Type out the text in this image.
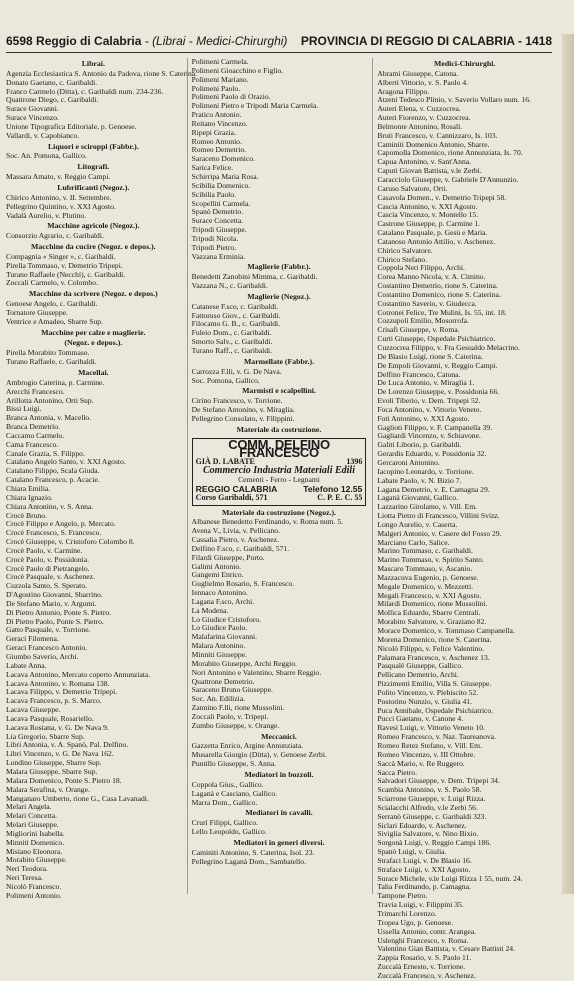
6598 Reggio di Calabria - (Librai - Medici-Chirurghi) PROVINCIA DI REGGIO DI CALABRIA - 1418
Librai.
Agenzia Ecclesiastica S. Antonio da Padova, rione S. Caterina.
Donato Gaetano, c. Garibaldi.
Franco Carmelo (Ditta), c. Garibaldi num. 234-236.
Quattrone Diego, c. Garibaldi.
Surace Giovanni.
Surace Vincenzo.
Unione Tipografica Editoriale, p. Genoese.
Vallardi, v. Capobianco.
Liquori e sciroppi (Fabbr.).
Soc. An. Pomona, Gallico.
Litografi.
Massara Amato, v. Reggio Campi.
Lubrificanti (Negoz.).
Chirico Antonino, v. II. Settembre.
Pellegrino Quintino, v. XXI Agosto.
Vadalà Aurelio, v. Plutino.
Macchine agricole (Negoz.).
Consorzio Agrario, c. Garibaldi.
Macchine da cucire (Negoz. e depos.).
Compagnia « Singer », c. Garibaldi.
Pirella Tommaso, v. Demetrio Tripepi.
Turano Raffaele (Necchi), c. Garibaldi.
Zoccali Carmelo, v. Colombo.
Macchine da scrivere (Negoz. e depos.)
Genoese Angelo, c. Garibaldi.
Tornatore Giuseppe.
Ventrice e Amadeo, Sbarre Sup.
Macchine per calze e maglierie.
(Negoz. e depos.).
Pirella Morabito Tommaso.
Turano Raffaele, c. Garibaldi.
Macellai.
Ambrogio Caterina, p. Carmine.
Arecchi Francesco.
Arillotta Antonino, Orti Sup.
Bissi Luigi.
Branca Antonia, v. Macello.
Branca Demetrio.
Caccamo Carmelo.
Cama Francesco.
Canale Grazia, S. Filippo.
Catalano Angelo Santo, v. XXI Agosto.
Catalano Filippo, Scala Giuda.
Catalano Francesco, p. Acacie.
Chiara Emilia.
Chiara Ignazio.
Chiara Antonino, v. S. Anna.
Crocè Bruno.
Crocè Filippo e Angelo, p. Mercato.
Crocè Francesco, S. Francesco.
Crocè Giuseppe, v. Cristoforo Colombo 8.
Crocè Paolo, v. Carmine.
Crocè Paolo, v. Possidonia.
Crocè Paolo di Pietrangelo.
Crocè Pasquale, v. Aschenez.
Cuzzola Santo, S. Sperato.
D'Agostino Giovanni, Sbarrino.
De Stefano Mario, v. Argumi.
Di Pietro Antonio, Ponte S. Pietro.
Di Pietro Paolo, Ponte S. Pietro.
Gatto Pasquale, v. Torrione.
Geraci Filomena.
Geraci Francesco Antonio.
Giumbo Saverio, Archi.
Labate Anna.
Lacava Antonino, Mercato coperto Annunziata.
Lacava Antonino, v. Romana 138.
Lacava Filippo, v. Demetrio Tripepi.
Lacava Francesco, p. S. Marco.
Lacava Giuseppe.
Lacava Pasquale, Rosariello.
Lacava Rosiana, v. G. De Nava 9.
Lia Gregorio, Sbarre Sup.
Libri Antonia, v. A. Spanò, Pal. Delfino.
Libri Vincenzo, v. G. De Nava 162.
Londino Giuseppe, Sbarre Sup.
Malara Giuseppe, Sbarre Sup.
Malara Domenico, Ponte S. Pietro 18.
Malara Serafina, v. Orange.
Manganaro Umberto, rione G., Casa Lavanadi.
Melari Angela.
Melari Concetta.
Melari Giuseppe.
Migliorini Isabella.
Minniti Domenico.
Misiano Eleonora.
Morabito Giuseppe.
Neri Teodora.
Neri Teresa.
Nicolò Francesco.
Polimeni Antonio.
Polimeni Carmela.
Polimeni Gioacchino e Figlio.
Polimeni Mariano.
Polimeni Paolo.
Polimeni Paolo di Orazio.
Polimeni Pietro e Tripodi Maria Carmela.
Pratico Antonio.
Reitano Vincenzo.
Ripepi Grazia.
Romeo Antonio.
Romeo Demetrio.
Saraceno Domenico.
Sarica Felice.
Schirripa Maria Rosa.
Scibilia Domenico.
Scibilia Paolo.
Scopelliti Carmela.
Spanò Demetrio.
Surace Concetta.
Tripodi Giuseppe.
Tripodi Nicola.
Tripodi Pietro.
Vazzana Erminia.
Maglierie (Fabbr.).
Benedetti Zanobini Mimma, c. Garibaldi.
Vazzana N., c. Garibaldi.
Maglierie (Negoz.).
Catanese F.sco, c. Garibaldi.
Fattoruso Giov., c. Garibaldi.
Filocamo G. B., c. Garibaldi.
Fuleio Dom., c. Garibaldi.
Smorto Salv., c. Garibaldi.
Turano Raff., c. Garibaldi.
Marmellate (Fabbr.).
Carrozza F.lli, v. G. De Nava.
Soc. Pomona, Gallico.
Marmisti e scalpellini.
Cirino Francesco, v. Torrione.
De Stefano Antonino, v. Miraglia.
Pellegrino Consolato, v. Filippini.
Materiale da costruzione.
COMM. DELFINO FRANCESCO
GIÀ D. LABATE	1396
Commercio Industria Materiali Edili
Cementi - Ferro - Legnami
REGGIO CALABRIA	Telefono 12.55
Corso Garibaldi, 571	C. P. E. C. 55
Materiale da costruzione (Negoz.).
Albanese Benedetto Ferdinando, v. Roma num. 5.
Avena V., Livia, v. Pellicano.
Cassalia Pietro, v. Aschenez.
Delfino F.sco, c. Garibaldi, 571.
Filardi Giuseppe, Porto.
Galimi Antonio.
Gangemi Enrico.
Guglielmo Rosario, S. Francesco.
Iennaco Antonino.
Lagana F.sco, Archi.
La Modena.
Lo Giudice Cristoforo.
Lo Giudice Paolo.
Malafarina Giovanni.
Malara Antonino.
Minniti Giuseppe.
Morabito Giuseppe, Archi Reggio.
Nori Antonino e Valentino, Sbarre Reggio.
Quattrone Demetrio.
Saraceno Bruno Giuseppe.
Soc. An. Edilizia.
Zannino F.lli, rione Mussolini.
Zoccali Paolo, v. Tripepi.
Zumbo Giuseppe, v. Orange.
Meccanici.
Gazzetta Enrico, Argine Annunziata.
Musarella Giorgio (Ditta), v. Genoese Zerbi.
Puntillo Giuseppe, S. Anna.
Mediatori in bozzoli.
Coppola Gius., Gallico.
Laganà e Casciano, Gallico.
Marra Dom., Gallico.
Mediatori in cavalli.
Crurì Filippi, Gallico.
Lello Leopoldo, Gallico.
Mediatori in generi diversi.
Caminiti Antonino, S. Caterina, Isol. 23.
Pellegrino Laganà Dom., Sambatello.
Medici-Chirurghi.
Abrami Giuseppe, Catona.
Alberti Vittorio, v. S. Paolo 4.
Aragona Filippo.
Atzeni Tedesco Plinio, v. Saverio Vollaro num. 16.
Auteri Elena, v. Cuzzocrea.
Auteri Fiorenzo, v. Cuzzocrea.
Belmonte Antonino, Rosalì.
Bruti Francesco, v. Cannizzaro, Is. 103.
Caminiti Domenico Antonio, Sbarre.
Capomolla Domenico, rione Annunziata, Is. 70.
Capua Antonino, v. Sant'Anna.
Caputi Giovan Battista, v.le Zerbi.
Caracciolo Giuseppe, v. Gabriele D'Annunzio.
Caruso Salvatore, Orti.
Casavola Domen., v. Demetrio Tripepi 58.
Cascia Antonino, v. XXI Agosto.
Cascia Vincenzo, v. Montello 15.
Castrone Giuseppe, p. Carmine 1.
Catalano Pasquale, p. Gesù e Maria.
Catanoso Antonio Attilio, v. Aschenez.
Chirico Salvatore.
Chirico Stefano.
Coppola Neri Filippo, Archi.
Corea Manno Nicola, v. A. Cimino.
Costantino Demetrio, rione S. Caterina.
Costantino Domenico, rione S. Caterina.
Costantino Saverio, v. Giudecca.
Cotronei Felice, Tre Mulini, Is. 55, int. 18.
Cozzupoli Emilio, Mosorrofa.
Crisafi Giuseppe, v. Roma.
Curti Giuseppe, Ospedale Psichiatrico.
Cuzzocrea Filippo, v. Fra Gesualdo Melacrino.
De Blasio Luigi, rione S. Caterina.
De Empoli Giovanni, v. Reggio Campi.
Delfino Francesco, Catona.
De Luca Antonio, v. Miraglia 1.
De Lorenzo Giuseppe, v. Possidonia 66.
Evoli Tiberio, v. Dem. Tripepi 52.
Foca Antonino, v. Vittorio Veneto.
Foti Antonino, v. XXI Agosto.
Gaglioti Filippo, v. F. Campanella 39.
Gagliardi Vincenzo, v. Schiavone.
Galiti Liborio, p. Garibaldi.
Gerardis Eduardo, v. Possidonia 32.
Gercaroni Antonino.
Iacopino Leonardo, v. Torrione.
Labate Paolo, v. N. Bizio 7.
Lagana Demetrio, v. E. Camagna 29.
Laganà Giovanni, Gallico.
Lazzarino Girolamo, v. Vill. Em.
Liotta Pietro di Francesco, Villini Svizz.
Longo Aurelio, v. Caserta.
Malgeri Antonio, v. Casere del Fosso 29.
Marciano Carlo, Salice.
Marino Tommaso, c. Garibaldi.
Marino Tommaso, v. Spirito Santo.
Mascaro Tommaso, v. Ascanio.
Mazzacuva Eugenio, p. Genoese.
Megale Domenico, v. Mezzetti.
Megali Francesco, v. XXI Agosto.
Milardi Domenico, rione Mussolini.
Mollica Eduardo, Sbarre Centrali.
Morabito Salvatore, v. Graziano 82.
Morace Domenico, v. Tommaso Campanella.
Morena Domenico, rione S. Caterina.
Nicolò Filippo, v. Felice Valentino.
Palamara Francesco, v. Aschenez 13.
Pasqualè Giuseppe, Gallico.
Pellicano Demetrio, Archi.
Pizzimenti Emilio, Villa S. Giuseppe.
Polito Vincenzo, v. Plebiscito 52.
Postorino Nunzio, v. Giulia 41.
Puca Annibale, Ospedale Psichiatrico.
Pucci Gaetano, v. Canone 4.
Ravesi Luigi, v. Vittorio Veneto 10.
Romeo Francesco, v. Naz. Taureanova.
Romeo Retez Stefano, v. Vill. Em.
Romeo Vincenzo, v. III Ottobre.
Saccà Mario, v. Re Ruggero.
Sacca Pietro.
Salvadori Giuseppe, v. Dem. Tripepi 34.
Scambia Antonino, v. S. Paolo 58.
Sciarrone Giuseppe, v. Luigi Rizza.
Scialacchi Alfredo, v.le Zerbi 56.
Serranò Giuseppe, c. Garibaldi 323.
Siclari Edoardo, v. Aschenez.
Siviglia Salvatore, v. Nino Bixio.
Sorgonà Luigi, v. Reggio Campi 186.
Spanò Luigi, v. Giulia.
Strafaci Luigi, v. De Blasio 16.
Straface Luigi, v. XXI Agosto.
Surace Michele, v.le Luigi Rizza 1 55, num. 24.
Talia Ferdinando, p. Camagna.
Tampone Pietro.
Travia Luigi, v. Filippini 35.
Trimarchi Lorenzo.
Tropea Ugo, p. Genoese.
Ussella Antonio, contr. Arangea.
Uslenghi Francesco, v. Roma.
Valentino Gian Battista, v. Cesare Battisti 24.
Zappia Rosario, v. S. Paolo 11.
Zuccalà Ernesto, v. Torrione.
Zuccalà Francesco, v. Aschenez.
